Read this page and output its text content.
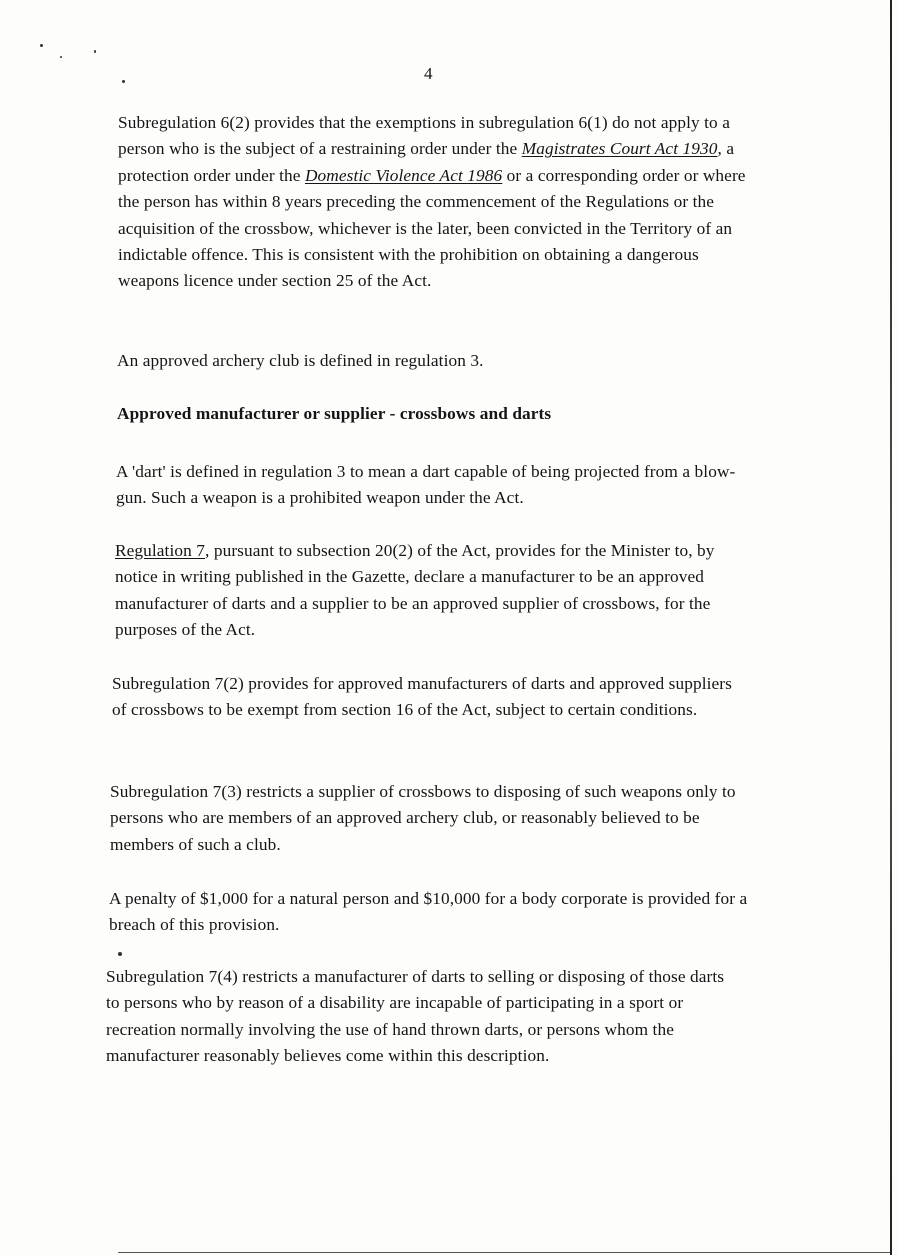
4

Subregulation 6(2) provides that the exemptions in subregulation 6(1) do not apply to a person who is the subject of a restraining order under the Magistrates Court Act 1930, a protection order under the Domestic Violence Act 1986 or a corresponding order or where the person has within 8 years preceding the commencement of the Regulations or the acquisition of the crossbow, whichever is the later, been convicted in the Territory of an indictable offence. This is consistent with the prohibition on obtaining a dangerous weapons licence under section 25 of the Act.

An approved archery club is defined in regulation 3.

Approved manufacturer or supplier - crossbows and darts

A 'dart' is defined in regulation 3 to mean a dart capable of being projected from a blow-gun. Such a weapon is a prohibited weapon under the Act.

Regulation 7, pursuant to subsection 20(2) of the Act, provides for the Minister to, by notice in writing published in the Gazette, declare a manufacturer to be an approved manufacturer of darts and a supplier to be an approved supplier of crossbows, for the purposes of the Act.

Subregulation 7(2) provides for approved manufacturers of darts and approved suppliers of crossbows to be exempt from section 16 of the Act, subject to certain conditions.

Subregulation 7(3) restricts a supplier of crossbows to disposing of such weapons only to persons who are members of an approved archery club, or reasonably believed to be members of such a club.

A penalty of $1,000 for a natural person and $10,000 for a body corporate is provided for a breach of this provision.

Subregulation 7(4) restricts a manufacturer of darts to selling or disposing of those darts to persons who by reason of a disability are incapable of participating in a sport or recreation normally involving the use of hand thrown darts, or persons whom the manufacturer reasonably believes come within this description.
